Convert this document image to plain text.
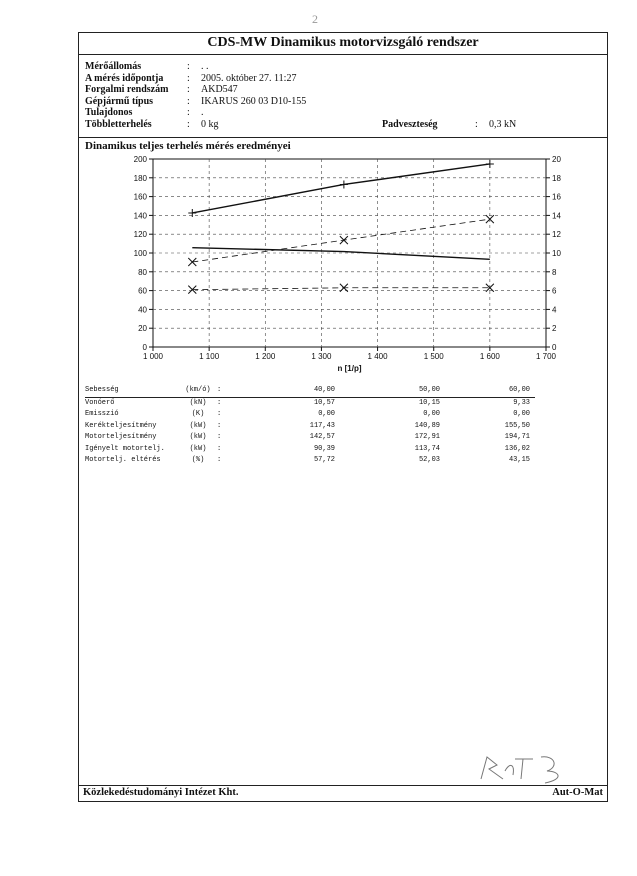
2
CDS-MW Dinamikus motorvizsgáló rendszer
Mérőállomás	: . .
A mérés időpontja : 2005. október 27. 11:27
Forgalmi rendszám : AKD547
Gépjármű típus	: IKARUS 260 03 D10-155
Tulajdonos	: .
Többletterhelés	: 0 kg	Padveszteség	: 0,3 kN
Dinamikus teljes terhelés mérés eredményei
1 000	1 100	1 200	1 300	1 400	1 500	1 600	1 700
0
20
40
60
80
100
120
140
160
180
200
0
2
4
6
8
10
12
14
16
18
20
n [1/p]
Sebesség	(km/ó) :	40,00	50,00	60,00
Vonóerő	(kN)	:	10,57	10,15	9,33
Emisszió	(K)	:	0,00	0,00	0,00
Keréktelјesítmény	(kW)	:	117,43	140,89	155,50
Motorteljesítmény	(kW)	:	142,57	172,91	194,71
Igényelt motortelj.	(kW)	:	90,39	113,74	136,02
Motortelj. eltérés	(%)	:	57,72	52,03	43,15
Közlekedéstudományi Intézet Kht.	Aut-O-Mat
